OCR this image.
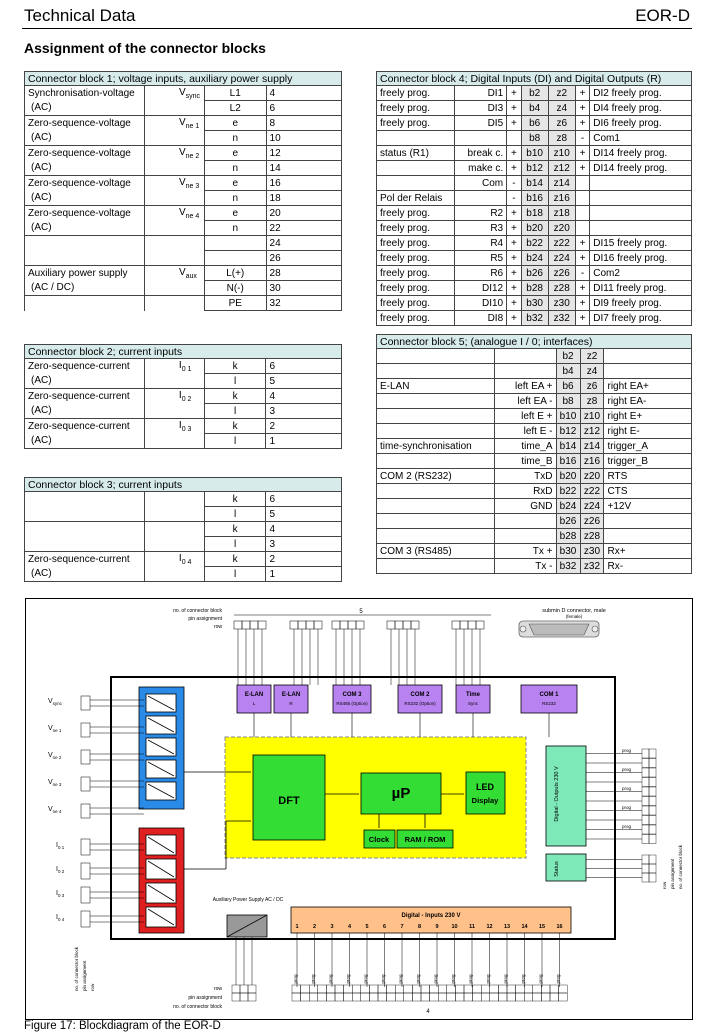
Technical Data	EOR-D
Assignment of the connector blocks
Connector block 1; voltage inputs, auxiliary power supply			
Synchronisation-voltage	$V_{sync}$	L1	4
(AC)		L2	6
Zero-sequence-voltage	$V_{ne 1}$	e	8
(AC)		n	10
Zero-sequence-voltage	$V_{ne 2}$	e	12
(AC)		n	14
Zero-sequence-voltage	$V_{ne 3}$	e	16
(AC)		n	18
Zero-sequence-voltage	$V_{ne 4}$	e	20
(AC)		n	22
			24
			26
Auxiliary power supply	$V_{aux}$	L(+)	28
(AC / DC)		N(-)	30
		PE	32
Connector block 2; current inputs			
Zero-sequence-current	$I_{0 1}$	k	6
(AC)		l	5
Zero-sequence-current	$I_{0 2}$	k	4
(AC)		l	3
Zero-sequence-current	$I_{0 3}$	k	2
(AC)		l	1
Connector block 3; current inputs			
		k	6
		l	5
		k	4
		l	3
Zero-sequence-current	$I_{0 4}$	k	2
(AC)		l	1
Connector block 4; Digital Inputs (DI) and Digital Outputs (R)						
freely prog.	DI1	+	b2	z2	+	DI2 freely prog.
freely prog.	DI3	+	b4	z4	+	DI4 freely prog.
freely prog.	DI5	+	b6	z6	+	DI6 freely prog.
			b8	z8	-	Com1
status (R1)	break c.	+	b10	z10	+	DI14 freely prog.
	make c.	+	b12	z12	+	DI14 freely prog.
	Com	-	b14	z14		
Pol der Relais		-	b16	z16		
freely prog.	R2	+	b18	z18		
freely prog.	R3	+	b20	z20		
freely prog.	R4	+	b22	z22	+	DI15 freely prog.
freely prog.	R5	+	b24	z24	+	DI16 freely prog.
freely prog.	R6	+	b26	z26	-	Com2
freely prog.	DI12	+	b28	z28	+	DI11 freely prog.
freely prog.	DI10	+	b30	z30	+	DI9 freely prog.
freely prog.	DI8	+	b32	z32	+	DI7 freely prog.
Connector block 5; (analogue I / 0; interfaces)				
		b2	z2	
		b4	z4	
E-LAN	left EA +	b6	z6	right EA+
	left EA -	b8	z8	right EA-
	left E +	b10	z10	right E+
	left E -	b12	z12	right E-
time-synchronisation	time_A	b14	z14	trigger_A
	time_B	b16	z16	trigger_B
COM 2 (RS232)	TxD	b20	z20	RTS
	RxD	b22	z22	CTS
	GND	b24	z24	+12V
		b26	z26	
		b28	z28	
COM 3 (RS485)	Tx +	b30	z30	Rx+
	Tx -	b32	z32	Rx-
no. of connector block
pin assignment
row
5	submin D connector, male
(female)
DFT	µP	LED
Display
Clock RAM / ROM
E-LAN
L
E-LAN
R
COM 3
RS485 (Option)
COM 2
RS232 (Option)
Time
Sync
COM 1
RS232
$V_{sync}$
$V_{ne 1}$
$V_{ne 2}$
$V_{ne 3}$
$V_{ne 4}$
$I_{0 1}$
$I_{0 2}$
$I_{0 3}$
$I_{0 4}$
Auxiliary Power Supply AC / DC
Digital - Inputs 230 V
1
prog
2
prog
3
prog
4
prog
5
prog
6
prog
7
prog
8
prog
9
prog
10
prog
11
prog
12
prog
13
prog
14
prog
15
prog
16
prog
Digital - Outputs 230 V
Status
prog
prog
prog
prog
prog
no. of connector block pin assignment row
no. of connector block
pin assignment
row
row
pin assignment
no. of connector block
4
Figure 17: Blockdiagram of the EOR-D
